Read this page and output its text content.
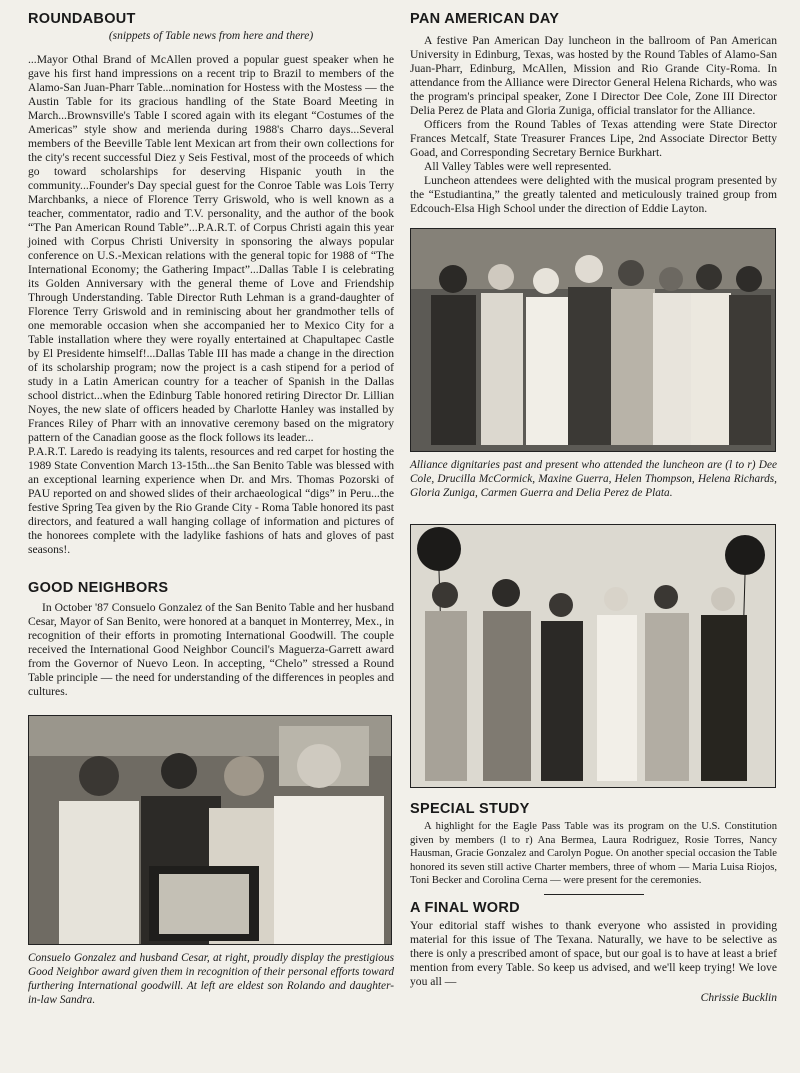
ROUNDABOUT
(snippets of Table news from here and there)

...Mayor Othal Brand of McAllen proved a popular guest speaker when he gave his first hand impressions on a recent trip to Brazil to members of the Alamo-San Juan-Pharr Table...nomination for Hostess with the Mostess — the Austin Table for its gracious handling of the State Board Meeting in March...Brownsville's Table I scored again with its elegant “Costumes of the Americas” style show and merienda during 1988's Charro days...Several members of the Beeville Table lent Mexican art from their own collections for the city's recent successful Diez y Seis Festival, most of the proceeds of which go toward scholarships for deserving Hispanic youth in the community...Founder's Day special guest for the Conroe Table was Lois Terry Marchbanks, a niece of Florence Terry Griswold, who is well known as a teacher, commentator, radio and T.V. personality, and the author of the book “The Pan American Round Table”...P.A.R.T. of Corpus Christi again this year joined with Corpus Christi University in sponsoring the always popular conference on U.S.-Mexican relations with the general topic for 1988 of “The International Economy; the Gathering Impact”...Dallas Table I is celebrating its Golden Anniversary with the general theme of Love and Friendship Through Understanding. Table Director Ruth Lehman is a grand-daughter of Florence Terry Griswold and in reminiscing about her grandmother tells of one memorable occasion when she accompanied her to Mexico City for a Table installation where they were royally entertained at Chapultapec Castle by El Presidente himself!...Dallas Table III has made a change in the direction of its scholarship program; now the project is a cash stipend for a period of study in a Latin American country for a teacher of Spanish in the Dallas school district...when the Edinburg Table honored retiring Director Dr. Lillian Noyes, the new slate of officers headed by Charlotte Hanley was installed by Frances Riley of Pharr with an innovative ceremony based on the migratory pattern of the Canadian goose as the flock follows its leader...

P.A.R.T. Laredo is readying its talents, resources and red carpet for hosting the 1989 State Convention March 13-15th...the San Benito Table was blessed with an exceptional learning experience when Dr. and Mrs. Thomas Pozorski of PAU reported on and showed slides of their archaeological “digs” in Peru...the festive Spring Tea given by the Rio Grande City - Roma Table honored its past directors, and featured a wall hanging collage of information and pictures of the honorees complete with the ladylike fashions of hats and gloves of past seasons!.

GOOD NEIGHBORS

In October '87 Consuelo Gonzalez of the San Benito Table and her husband Cesar, Mayor of San Benito, were honored at a banquet in Monterrey, Mex., in recognition of their efforts in promoting International Goodwill. The couple received the International Good Neighbor Council's Maguerza-Garrett award from the Governor of Nuevo Leon. In accepting, “Chelo” stressed a Round Table principle — the need for understanding of the differences in peoples and cultures.

Consuelo Gonzalez and husband Cesar, at right, proudly display the prestigious Good Neighbor award given them in recognition of their personal efforts toward furthering International goodwill. At left are eldest son Rolando and daughter-in-law Sandra.
PAN AMERICAN DAY

A festive Pan American Day luncheon in the ballroom of Pan American University in Edinburg, Texas, was hosted by the Round Tables of Alamo-San Juan-Pharr, Edinburg, McAllen, Mission and Rio Grande City-Roma. In attendance from the Alliance were Director General Helena Richards, who was the program's principal speaker, Zone I Director Dee Cole, Zone III Director Delia Perez de Plata and Gloria Zuniga, official translator for the Alliance.

Officers from the Round Tables of Texas attending were State Director Frances Metcalf, State Treasurer Frances Lipe, 2nd Associate Director Betty Goad, and Corresponding Secretary Bernice Burkhart.

All Valley Tables were well represented.

Luncheon attendees were delighted with the musical program presented by the “Estudiantina,” the greatly talented and meticulously trained group from Edcouch-Elsa High School under the direction of Eddie Layton.

Alliance dignitaries past and present who attended the luncheon are (l to r) Dee Cole, Drucilla McCormick, Maxine Guerra, Helen Thompson, Helena Richards, Gloria Zuniga, Carmen Guerra and Delia Perez de Plata.
SPECIAL STUDY

A highlight for the Eagle Pass Table was its program on the U.S. Constitution given by members (l to r) Ana Bermea, Laura Rodriguez, Rosie Torres, Nancy Hausman, Gracie Gonzalez and Carolyn Pogue. On another special occasion the Table honored its seven still active Charter members, three of whom — Maria Luisa Riojos, Toni Becker and Corolina Cerna — were present for the ceremonies.

A FINAL WORD

Your editorial staff wishes to thank everyone who assisted in providing material for this issue of The Texana. Naturally, we have to be selective as there is only a prescribed amont of space, but our goal is to have at least a brief mention from every Table. So keep us advised, and we'll keep trying! We love you all —

Chrissie Bucklin
